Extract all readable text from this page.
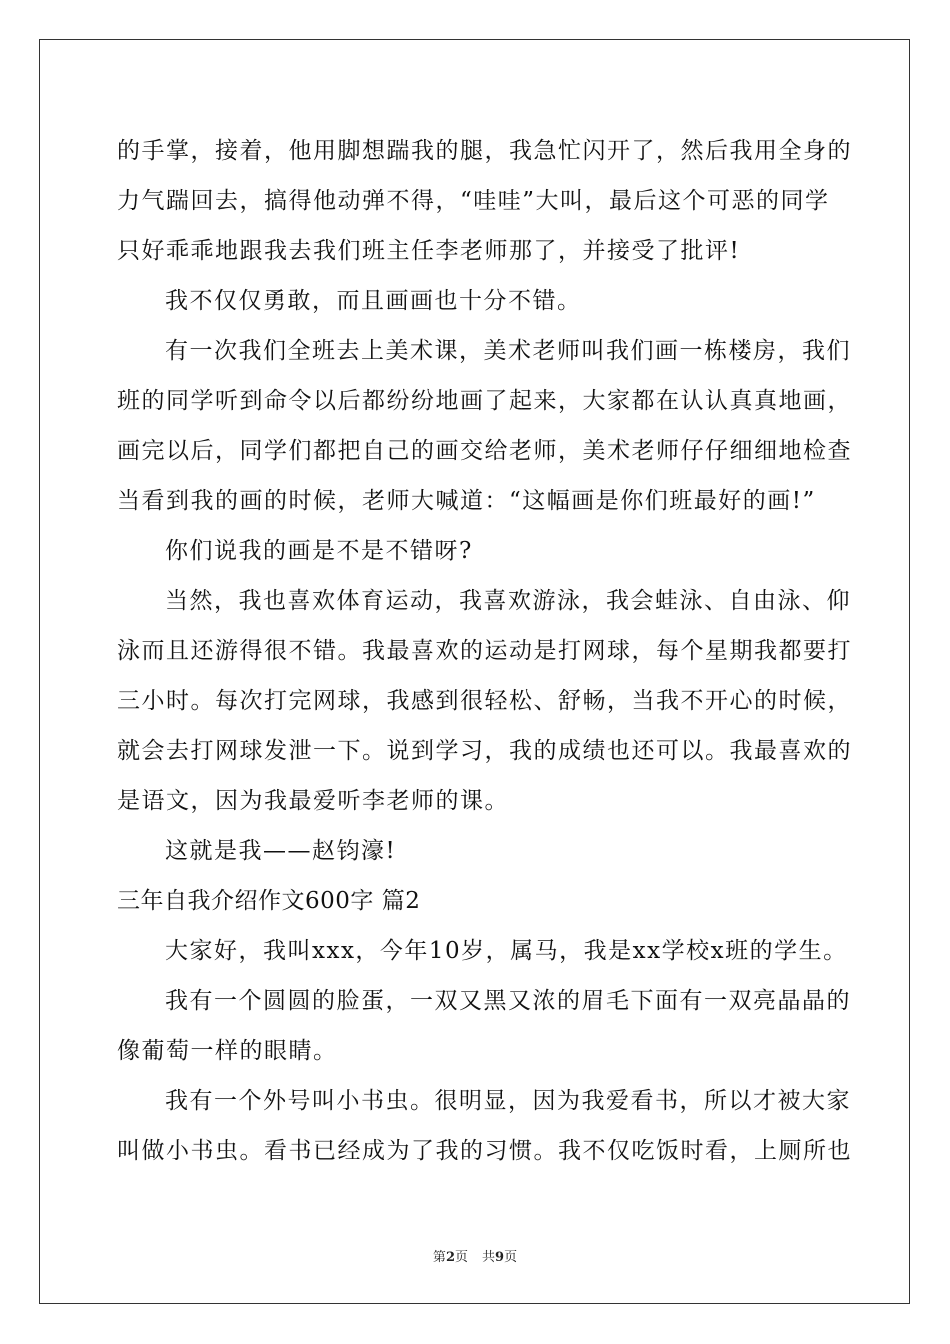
的手掌，接着，他用脚想踹我的腿，我急忙闪开了，然后我用全身的
力气踹回去，搞得他动弹不得，“哇哇”大叫，最后这个可恶的同学
只好乖乖地跟我去我们班主任李老师那了，并接受了批评!
我不仅仅勇敢，而且画画也十分不错。
有一次我们全班去上美术课，美术老师叫我们画一栋楼房，我们
班的同学听到命令以后都纷纷地画了起来，大家都在认认真真地画，
画完以后，同学们都把自己的画交给老师，美术老师仔仔细细地检查
当看到我的画的时候，老师大喊道：“这幅画是你们班最好的画!”
你们说我的画是不是不错呀?
当然，我也喜欢体育运动，我喜欢游泳，我会蛙泳、自由泳、仰
泳而且还游得很不错。我最喜欢的运动是打网球，每个星期我都要打
三小时。每次打完网球，我感到很轻松、舒畅，当我不开心的时候，
就会去打网球发泄一下。说到学习，我的成绩也还可以。我最喜欢的
是语文，因为我最爱听李老师的课。
这就是我——赵钧濠!
三年自我介绍作文600字 篇2
大家好，我叫xxx，今年10岁，属马，我是xx学校x班的学生。
我有一个圆圆的脸蛋，一双又黑又浓的眉毛下面有一双亮晶晶的
像葡萄一样的眼睛。
我有一个外号叫小书虫。很明显，因为我爱看书，所以才被大家
叫做小书虫。看书已经成为了我的习惯。我不仅吃饭时看，上厕所也
第2页 共9页
